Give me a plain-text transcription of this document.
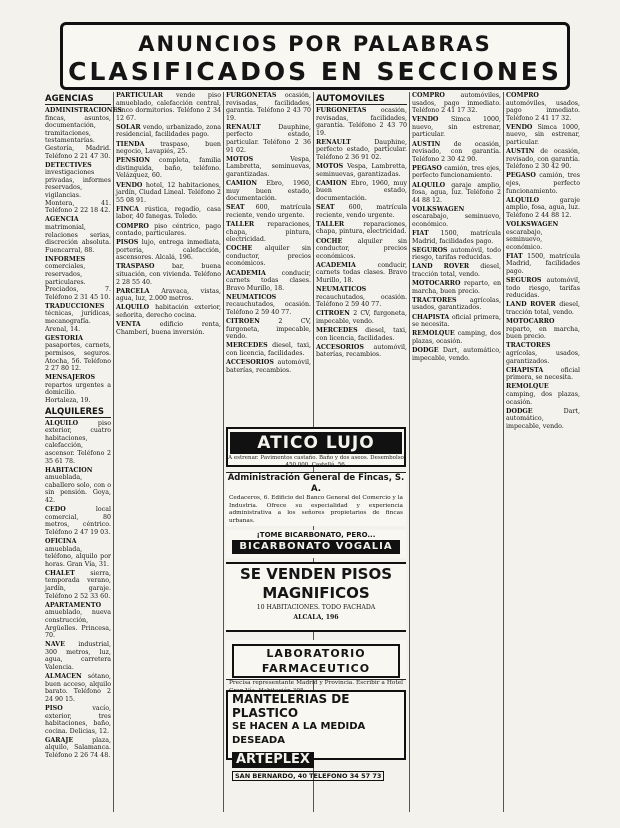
ANUNCIOS POR PALABRAS
CLASIFICADOS EN SECCIONES
AGENCIAS

ADMINISTRACIONES fincas, asuntos, documentación, tramitaciones, testamentarías. Gestoría, Madrid. Teléfono 2 21 47 30.

DETECTIVES investigaciones privadas, informes reservados, vigilancias. Montera, 41. Teléfono 2 22 18 42.

AGENCIA matrimonial, relaciones serias, discreción absoluta. Fuencarral, 88.

INFORMES comerciales, reservados, particulares. Preciados, 7. Teléfono 2 31 45 10.

TRADUCCIONES técnicas, jurídicas, mecanografía. Arenal, 14.

GESTORIA pasaportes, carnets, permisos, seguros. Atocha, 56. Teléfono 2 27 80 12.

MENSAJEROS repartos urgentes a domicilio. Hortaleza, 19.

ALQUILERES

ALQUILO piso exterior, cuatro habitaciones, calefacción, ascensor. Teléfono 2 35 61 78.

HABITACION amueblada, caballero solo, con o sin pensión. Goya, 42.

CEDO local comercial, 80 metros, céntrico. Teléfono 2 47 19 03.

OFICINA amueblada, teléfono, alquilo por horas. Gran Vía, 31.

CHALET sierra, temporada verano, jardín, garaje. Teléfono 2 52 33 60.

APARTAMENTO amueblado, nueva construcción, Argüelles. Princesa, 70.

NAVE industrial, 300 metros, luz, agua, carretera Valencia.

ALMACEN sótano, buen acceso, alquilo barato. Teléfono 2 24 90 15.

PISO vacío, exterior, tres habitaciones, baño, cocina. Delicias, 12.

GARAJE plaza, alquilo, Salamanca. Teléfono 2 26 74 48.

PARTICULAR vende piso amueblado, calefacción central, cinco dormitorios. Teléfono 2 34 12 67.

SOLAR vendo, urbanizado, zona residencial, facilidades pago.

TIENDA traspaso, buen negocio, Lavapiés, 25.

PENSION completa, familia distinguida, baño, teléfono. Velázquez, 60.

VENDO hotel, 12 habitaciones, jardín, Ciudad Lineal. Teléfono 2 55 08 91.

FINCA rústica, regadío, casa labor, 40 fanegas. Toledo.

COMPRO piso céntrico, pago contado, particulares.

PISOS lujo, entrega inmediata, portería, calefacción, ascensores. Alcalá, 196.

TRASPASO bar, buena situación, con vivienda. Teléfono 2 28 55 40.

PARCELA Aravaca, vistas, agua, luz, 2.000 metros.

ALQUILO habitación exterior, señorita, derecho cocina.

VENTA edificio renta, Chamberí, buena inversión.

FURGONETAS ocasión, revisadas, facilidades, garantía. Teléfono 2 43 70 19.

RENAULT Dauphine, perfecto estado, particular. Teléfono 2 36 91 02.

MOTOS Vespa, Lambretta, seminuevas, garantizadas.

CAMION Ebro, 1960, muy buen estado, documentación.

SEAT 600, matrícula reciente, vendo urgente.

TALLER reparaciones, chapa, pintura, electricidad.

COCHE alquiler sin conductor, precios económicos.

ACADEMIA conducir, carnets todas clases. Bravo Murillo, 18.

NEUMATICOS recauchutados, ocasión. Teléfono 2 59 40 77.

CITROEN 2 CV, furgoneta, impecable, vendo.

MERCEDES diesel, taxi, con licencia, facilidades.

ACCESORIOS automóvil, baterías, recambios.

AUTOMOVILES

FURGONETAS ocasión, revisadas, facilidades, garantía. Teléfono 2 43 70 19.

RENAULT Dauphine, perfecto estado, particular. Teléfono 2 36 91 02.

MOTOS Vespa, Lambretta, seminuevas, garantizadas.

CAMION Ebro, 1960, muy buen estado, documentación.

SEAT 600, matrícula reciente, vendo urgente.

TALLER reparaciones, chapa, pintura, electricidad.

COCHE alquiler sin conductor, precios económicos.

ACADEMIA conducir, carnets todas clases. Bravo Murillo, 18.

NEUMATICOS recauchutados, ocasión. Teléfono 2 59 40 77.

CITROEN 2 CV, furgoneta, impecable, vendo.

MERCEDES diesel, taxi, con licencia, facilidades.

ACCESORIOS automóvil, baterías, recambios.

COMPRO automóviles, usados, pago inmediato. Teléfono 2 41 17 32.

VENDO Simca 1000, nuevo, sin estrenar, particular.

AUSTIN de ocasión, revisado, con garantía. Teléfono 2 30 42 90.

PEGASO camión, tres ejes, perfecto funcionamiento.

ALQUILO garaje amplio, fosa, agua, luz. Teléfono 2 44 88 12.

VOLKSWAGEN escarabajo, seminuevo, económico.

FIAT 1500, matrícula Madrid, facilidades pago.

SEGUROS automóvil, todo riesgo, tarifas reducidas.

LAND ROVER diesel, tracción total, vendo.

MOTOCARRO reparto, en marcha, buen precio.

TRACTORES agrícolas, usados, garantizados.

CHAPISTA oficial primera, se necesita.

REMOLQUE camping, dos plazas, ocasión.

DODGE Dart, automático, impecable, vendo.

COMPRO automóviles, usados, pago inmediato. Teléfono 2 41 17 32.

VENDO Simca 1000, nuevo, sin estrenar, particular.

AUSTIN de ocasión, revisado, con garantía. Teléfono 2 30 42 90.

PEGASO camión, tres ejes, perfecto funcionamiento.

ALQUILO garaje amplio, fosa, agua, luz. Teléfono 2 44 88 12.

VOLKSWAGEN escarabajo, seminuevo, económico.

FIAT 1500, matrícula Madrid, facilidades pago.

SEGUROS automóvil, todo riesgo, tarifas reducidas.

LAND ROVER diesel, tracción total, vendo.

MOTOCARRO reparto, en marcha, buen precio.

TRACTORES agrícolas, usados, garantizados.

CHAPISTA oficial primera, se necesita.

REMOLQUE camping, dos plazas, ocasión.

DODGE Dart, automático, impecable, vendo.

ATICO LUJO
A estrenar. Pavimentos castaño. Baño y dos aseos. Desembolso 450.000. Castellá, 56.
Administración General de Fincas, S. A.
Cedaceros, 6. Edificio del Banco General del Comercio y la Industria. Ofrece su especialidad y experiencia administrativa a los señores propietarios de fincas urbanas.
¡TOME BICARBONATO, PERO...
BICARBONATO VOGALIA
SE VENDEN PISOS
MAGNIFICOS
10 HABITACIONES. TODO FACHADA
ALCALA, 196
LABORATORIO FARMACEUTICO
Precisa representante Madrid y Provincia. Escribir a Hotel
MANTELERIAS DE PLASTICO
SE HACEN A LA MEDIDA DESEADA
ARTEPLEX SAN BERNARDO, 40 TELEFONO 34 57 73
